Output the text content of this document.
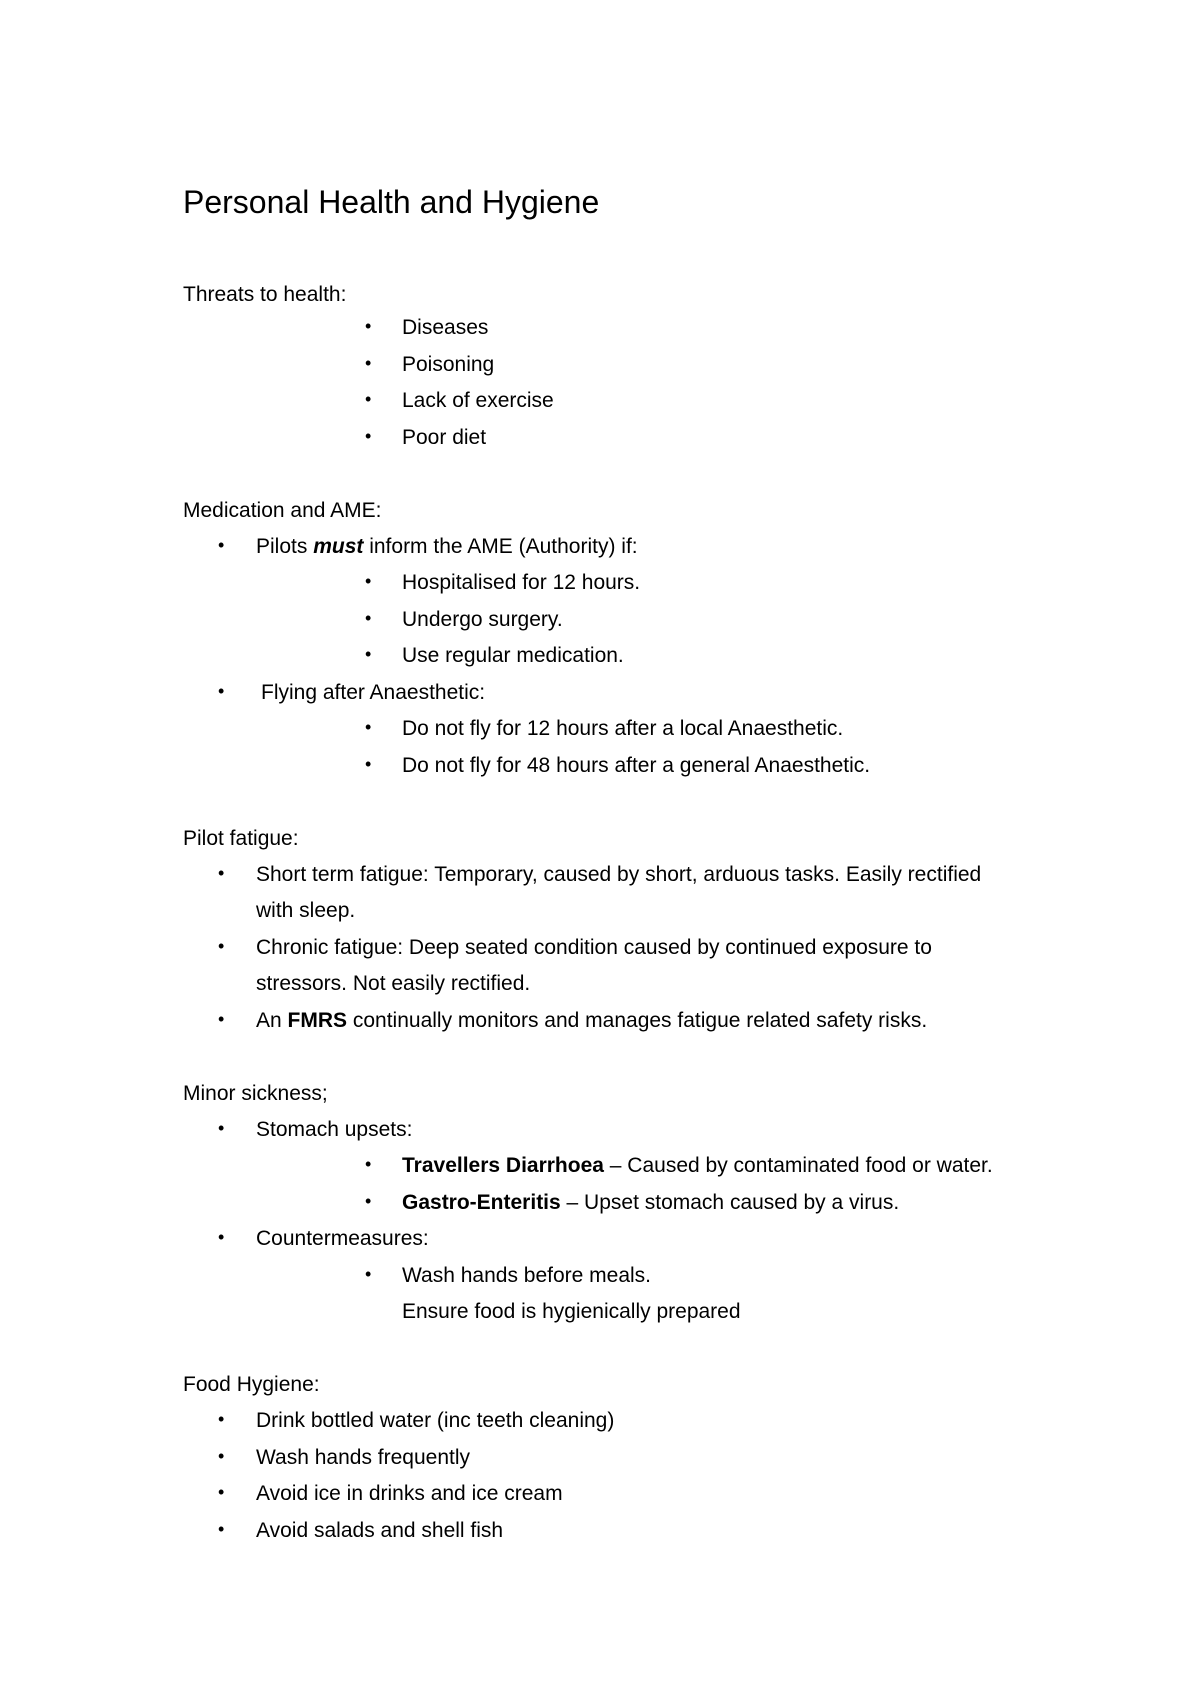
Personal Health and Hygiene
Threats to health:
• Diseases
• Poisoning
• Lack of exercise
• Poor diet
Medication and AME:
• Pilots must inform the AME (Authority) if:
• Hospitalised for 12 hours.
• Undergo surgery.
• Use regular medication.
• Flying after Anaesthetic:
• Do not fly for 12 hours after a local Anaesthetic.
• Do not fly for 48 hours after a general Anaesthetic.
Pilot fatigue:
• Short term fatigue: Temporary, caused by short, arduous tasks. Easily rectified
with sleep.
• Chronic fatigue: Deep seated condition caused by continued exposure to
stressors. Not easily rectified.
• An FMRS continually monitors and manages fatigue related safety risks.
Minor sickness;
• Stomach upsets:
• Travellers Diarrhoea – Caused by contaminated food or water.
• Gastro-Enteritis – Upset stomach caused by a virus.
• Countermeasures:
• Wash hands before meals.
Ensure food is hygienically prepared
Food Hygiene:
• Drink bottled water (inc teeth cleaning)
• Wash hands frequently
• Avoid ice in drinks and ice cream
• Avoid salads and shell fish
